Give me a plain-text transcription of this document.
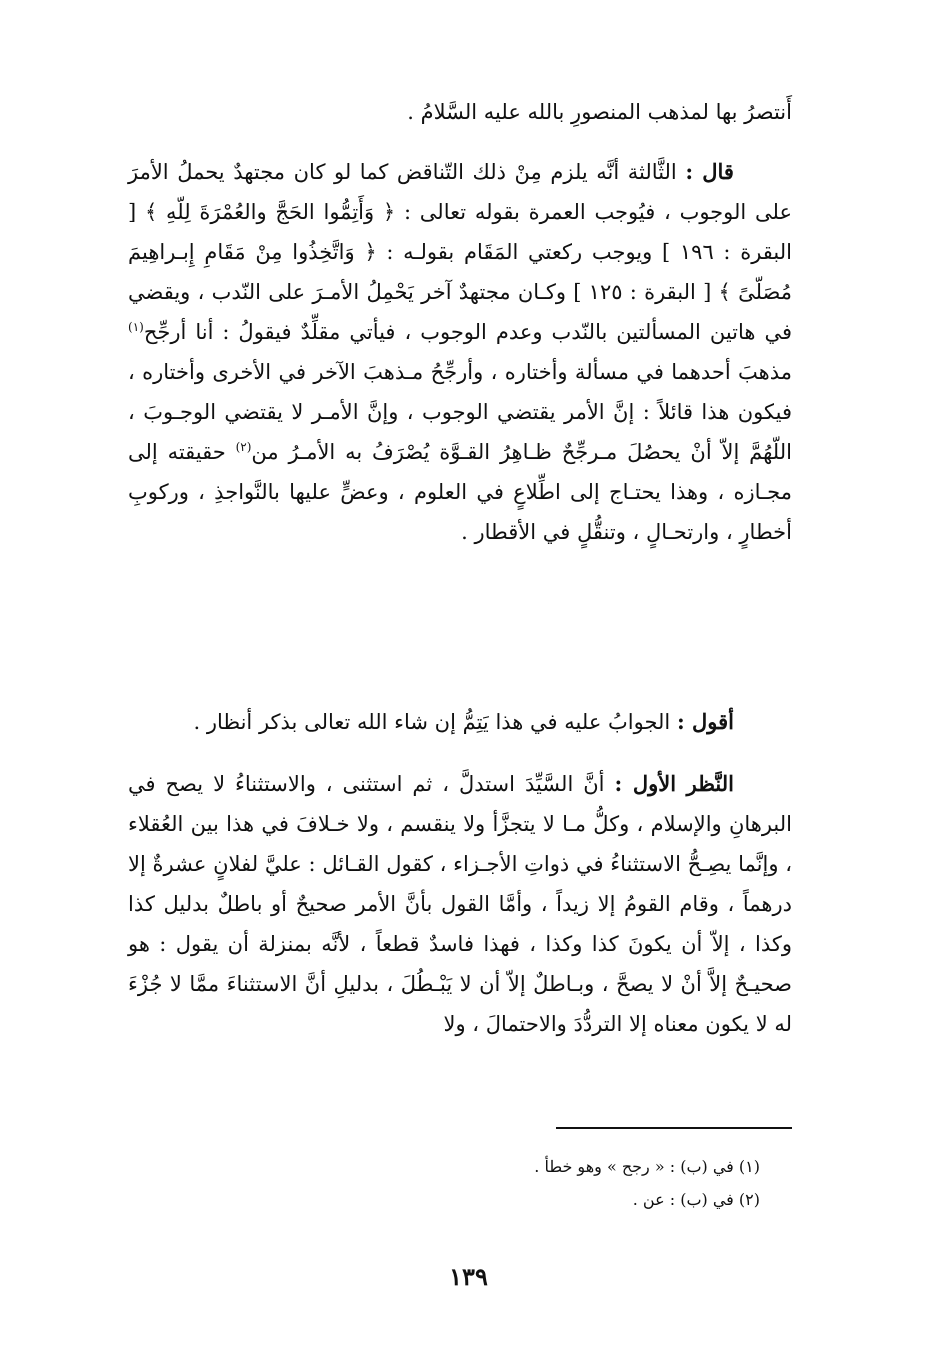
أَنتصرُ بها لمذهب المنصورِ بالله عليه السَّلامُ .

قال : الثَّالثة أنَّه يلزم مِنْ ذلك التّناقض كما لو كان مجتهدٌ يحملُ الأمرَ على الوجوب ، فيُوجب العمرة بقوله تعالى : ﴿ وَأَتِمُّوا الحَجَّ والعُمْرَةَ لِلّهِ ﴾ [ البقرة : ١٩٦ ] ويوجب ركعتي المَقَام بقولـه : ﴿ وَاتَّخِذُوا مِنْ مَقَامِ إِبـراهِيمَ مُصَلّىً ﴾ [ البقرة : ١٢٥ ] وكـان مجتهدٌ آخر يَحْمِلُ الأمـرَ على النّدب ، ويقضي في هاتين المسألتين بالنّدب وعدم الوجوب ، فيأتي مقلِّدٌ فيقولُ : أنا أرجِّح$^{(١)}$ مذهبَ أحدهما في مسألة وأختاره ، وأرجِّحُ مـذهبَ الآخر في الأخرى وأختاره ، فيكون هذا قائلاً : إنَّ الأمر يقتضي الوجوب ، وإنَّ الأمـر لا يقتضي الوجـوبَ ، اللّهُمَّ إلاّ أنْ يحصُلَ مـرجِّحٌ ظـاهِرُ القـوَّة يُصْرَفُ به الأمـرُ من$^{(٢)}$ حقيقته إلى مجـازه ، وهذا يحتـاج إلى اطِّلاعٍ في العلوم ، وعضٍّ عليها بالنَّواجذِ ، وركوبِ أخطارٍ ، وارتحـالٍ ، وتنقُّلٍ في الأقطار .

أقول : الجوابُ عليه في هذا يَتِمُّ إن شاء الله تعالى بذكر أنظار .

النَّظر الأول : أنَّ السَّيِّدَ استدلَّ ، ثم استثنى ، والاستثناءُ لا يصح في البرهانِ والإسلام ، وكلُّ مـا لا يتجزَّأ ولا ينقسم ، ولا خـلافَ في هذا بين العُقلاء ، وإنَّما يصِـحُّ الاستثناءُ في ذواتِ الأجـزاء ، كقول القـائل : عليَّ لفلانٍ عشرةٌ إلا درهماً ، وقام القومُ إلا زيداً ، وأمَّا القول بأنَّ الأمر صحيحٌ أو باطلٌ بدليل كذا وكذا ، إلاّ أن يكونَ كذا وكذا ، فهذا فاسدٌ قطعاً ، لأنَّه بمنزلة أن يقول : هو صحيـحٌ إلاَّ أنْ لا يصحَّ ، وبـاطلٌ إلاّ أن لا يَبْـطُلَ ، بدليلِ أنَّ الاستثناءَ ممَّا لا جُزْءَ له لا يكون معناه إلا التردُّدَ والاحتمالَ ، ولا

(١) في (ب) : « رجح » وهو خطأ .

(٢) في (ب) : عن .

١٣٩
